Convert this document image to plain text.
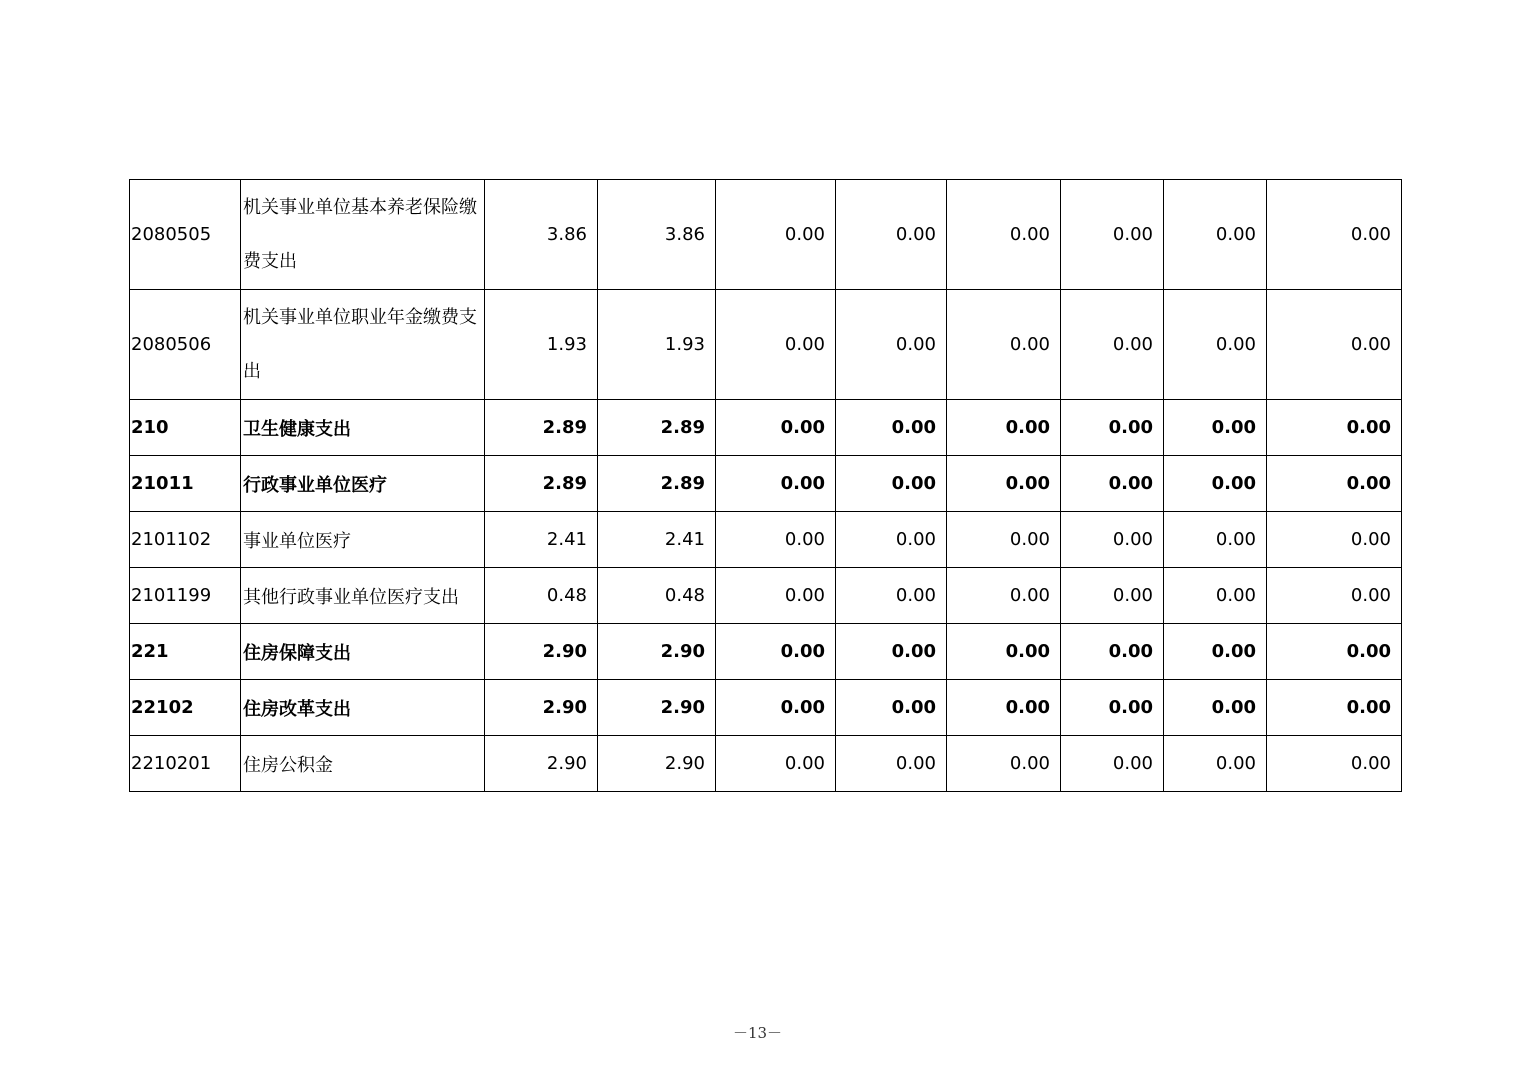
2080505	机关事业单位基本养老保险缴费支出	3.86	3.86	0.00	0.00	0.00	0.00	0.00	0.00
2080506	机关事业单位职业年金缴费支出	1.93	1.93	0.00	0.00	0.00	0.00	0.00	0.00
210	卫生健康支出	2.89	2.89	0.00	0.00	0.00	0.00	0.00	0.00
21011	行政事业单位医疗	2.89	2.89	0.00	0.00	0.00	0.00	0.00	0.00
2101102	事业单位医疗	2.41	2.41	0.00	0.00	0.00	0.00	0.00	0.00
2101199	其他行政事业单位医疗支出	0.48	0.48	0.00	0.00	0.00	0.00	0.00	0.00
221	住房保障支出	2.90	2.90	0.00	0.00	0.00	0.00	0.00	0.00
22102	住房改革支出	2.90	2.90	0.00	0.00	0.00	0.00	0.00	0.00
2210201	住房公积金	2.90	2.90	0.00	0.00	0.00	0.00	0.00	0.00
－13－
